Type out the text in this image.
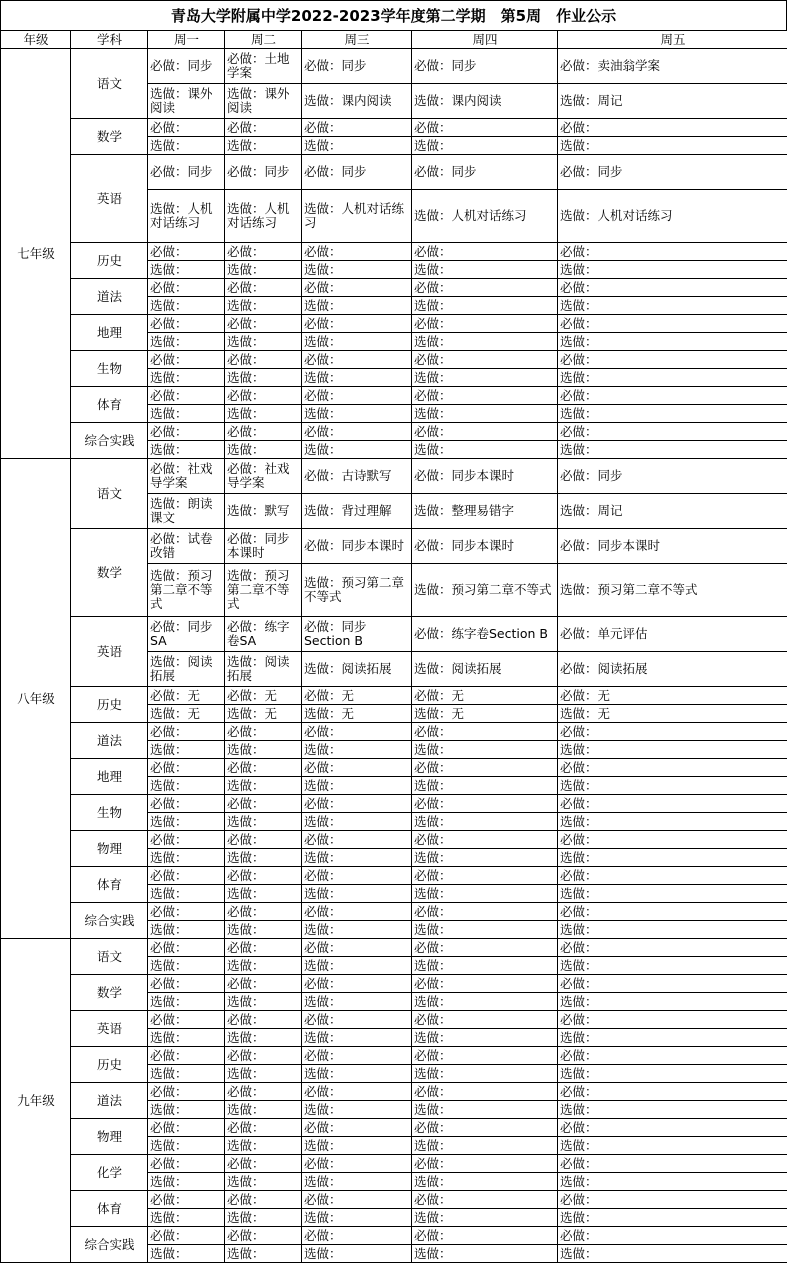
青岛大学附属中学2022-2023学年度第二学期　第5周　作业公示
年级	学科	周一	周二	周三	周四	周五
七年级	语文	必做：同步	必做：土地学案	必做：同步	必做：同步	必做：卖油翁学案
		选做：课外阅读	选做：课外阅读	选做：课内阅读	选做：课内阅读	选做：周记
	数学	必做：	必做：	必做：	必做：	必做：
		选做：	选做：	选做：	选做：	选做：
	英语	必做：同步	必做：同步	必做：同步	必做：同步	必做：同步
		选做：人机对话练习	选做：人机对话练习	选做：人机对话练习	选做：人机对话练习	选做：人机对话练习
	历史	必做：	必做：	必做：	必做：	必做：
		选做：	选做：	选做：	选做：	选做：
	道法	必做：	必做：	必做：	必做：	必做：
		选做：	选做：	选做：	选做：	选做：
	地理	必做：	必做：	必做：	必做：	必做：
		选做：	选做：	选做：	选做：	选做：
	生物	必做：	必做：	必做：	必做：	必做：
		选做：	选做：	选做：	选做：	选做：
	体育	必做：	必做：	必做：	必做：	必做：
		选做：	选做：	选做：	选做：	选做：
	综合实践	必做：	必做：	必做：	必做：	必做：
		选做：	选做：	选做：	选做：	选做：
八年级	语文	必做：社戏导学案	必做：社戏导学案	必做：古诗默写	必做：同步本课时	必做：同步
		选做：朗读课文	选做：默写	选做：背过理解	选做：整理易错字	选做：周记
	数学	必做：试卷改错	必做：同步本课时	必做：同步本课时	必做：同步本课时	必做：同步本课时
		选做：预习第二章不等式	选做：预习第二章不等式	选做：预习第二章不等式	选做：预习第二章不等式	选做：预习第二章不等式
	英语	必做：同步SA	必做：练字卷SA	必做：同步Section B	必做：练字卷Section B	必做：单元评估
		选做：阅读拓展	选做：阅读拓展	选做：阅读拓展	选做：阅读拓展	必做：阅读拓展
	历史	必做：无	必做：无	必做：无	必做：无	必做：无
		选做：无	选做：无	选做：无	选做：无	选做：无
	道法	必做：	必做：	必做：	必做：	必做：
		选做：	选做：	选做：	选做：	选做：
	地理	必做：	必做：	必做：	必做：	必做：
		选做：	选做：	选做：	选做：	选做：
	生物	必做：	必做：	必做：	必做：	必做：
		选做：	选做：	选做：	选做：	选做：
	物理	必做：	必做：	必做：	必做：	必做：
		选做：	选做：	选做：	选做：	选做：
	体育	必做：	必做：	必做：	必做：	必做：
		选做：	选做：	选做：	选做：	选做：
	综合实践	必做：	必做：	必做：	必做：	必做：
		选做：	选做：	选做：	选做：	选做：
九年级	语文	必做：	必做：	必做：	必做：	必做：
		选做：	选做：	选做：	选做：	选做：
	数学	必做：	必做：	必做：	必做：	必做：
		选做：	选做：	选做：	选做：	选做：
	英语	必做：	必做：	必做：	必做：	必做：
		选做：	选做：	选做：	选做：	选做：
	历史	必做：	必做：	必做：	必做：	必做：
		选做：	选做：	选做：	选做：	选做：
	道法	必做：	必做：	必做：	必做：	必做：
		选做：	选做：	选做：	选做：	选做：
	物理	必做：	必做：	必做：	必做：	必做：
		选做：	选做：	选做：	选做：	选做：
	化学	必做：	必做：	必做：	必做：	必做：
		选做：	选做：	选做：	选做：	选做：
	体育	必做：	必做：	必做：	必做：	必做：
		选做：	选做：	选做：	选做：	选做：
	综合实践	必做：	必做：	必做：	必做：	必做：
		选做：	选做：	选做：	选做：	选做：
